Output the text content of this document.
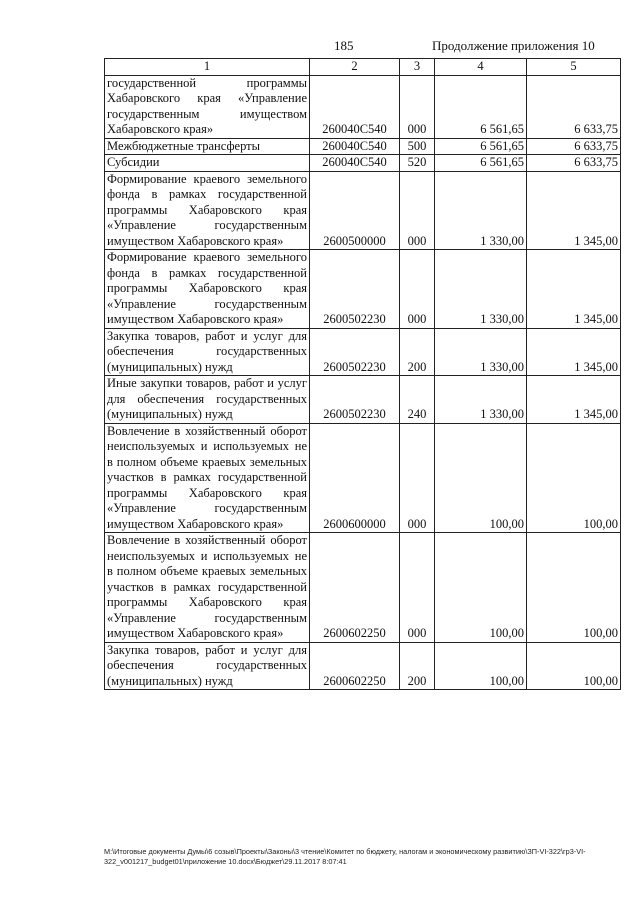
185	Продолжение приложения 10
1	2	3	4	5
государственной программы Хабаровского края «Управление государственным имуществом Хабаровского края»	260040С540	000	6 561,65	6 633,75
Межбюджетные трансферты	260040С540	500	6 561,65	6 633,75
Субсидии	260040С540	520	6 561,65	6 633,75
Формирование краевого земельного фонда в рамках государственной программы Хабаровского края «Управление государственным имуществом Хабаровского края»	2600500000	000	1 330,00	1 345,00
Формирование краевого земельного фонда в рамках государственной программы Хабаровского края «Управление государственным имуществом Хабаровского края»	2600502230	000	1 330,00	1 345,00
Закупка товаров, работ и услуг для обеспечения государственных (муниципальных) нужд	2600502230	200	1 330,00	1 345,00
Иные закупки товаров, работ и услуг для обеспечения государственных (муниципальных) нужд	2600502230	240	1 330,00	1 345,00
Вовлечение в хозяйственный оборот неиспользуемых и используемых не в полном объеме краевых земельных участков в рамках государственной программы Хабаровского края «Управление государственным имуществом Хабаровского края»	2600600000	000	100,00	100,00
Вовлечение в хозяйственный оборот неиспользуемых и используемых не в полном объеме краевых земельных участков в рамках государственной программы Хабаровского края «Управление государственным имуществом Хабаровского края»	2600602250	000	100,00	100,00
Закупка товаров, работ и услуг для обеспечения государственных (муниципальных) нужд	2600602250	200	100,00	100,00
M:\Итоговые документы Думы\6 созыв\Проекты\Законы\3 чтение\Комитет по бюджету, налогам и экономическому развитию\ЗП-VI-322\гр3-VI-322_v001217_budget01\приложение 10.docx\Бюджет\29.11.2017 8:07:41
